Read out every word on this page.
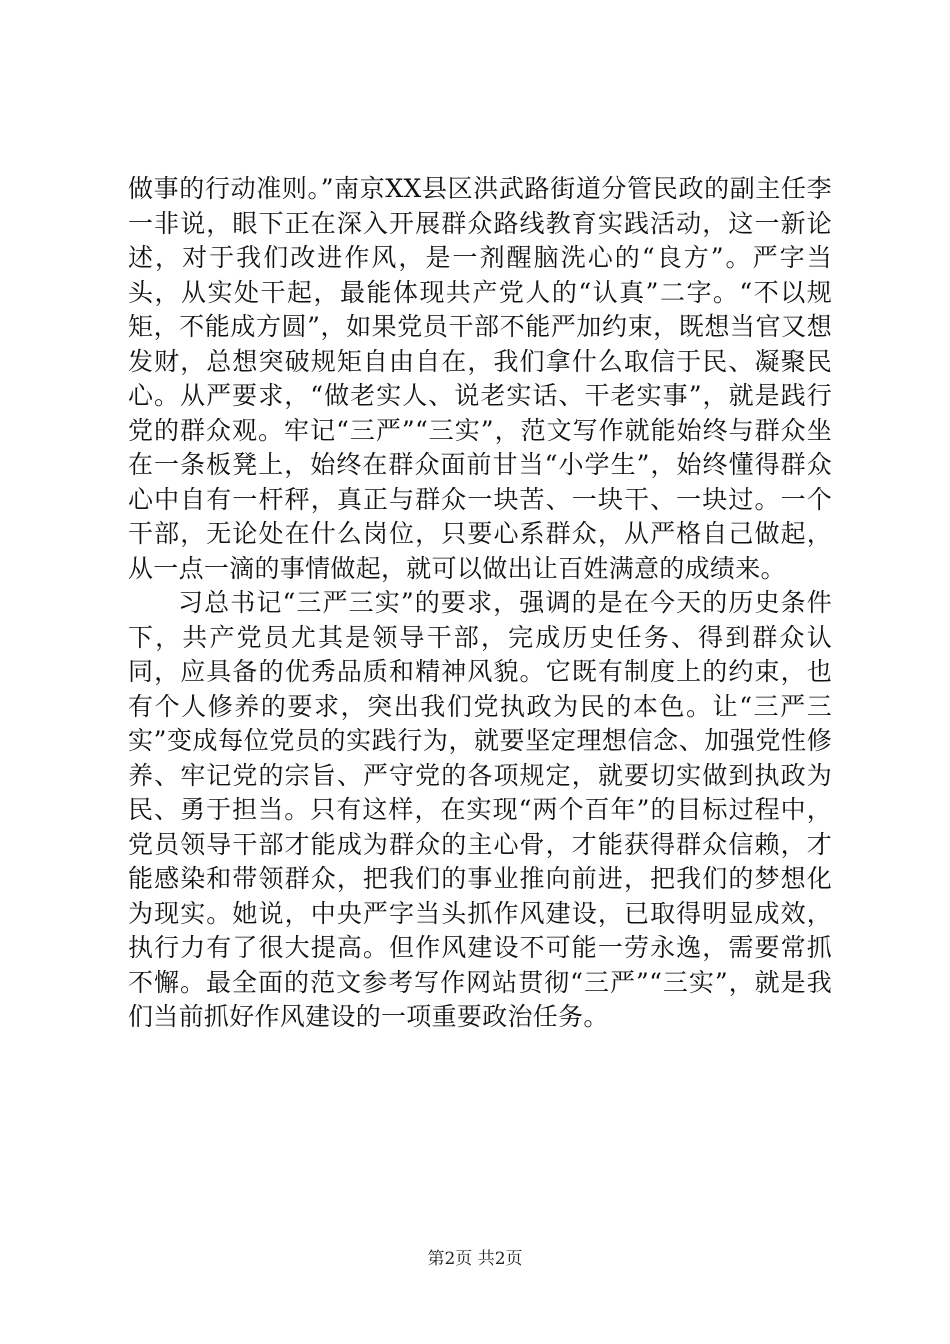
做事的行动准则。”南京XX县区洪武路街道分管民政的副主任李一非说，眼下正在深入开展群众路线教育实践活动，这一新论述，对于我们改进作风，是一剂醒脑洗心的“良方”。严字当头，从实处干起，最能体现共产党人的“认真”二字。“不以规矩，不能成方圆”，如果党员干部不能严加约束，既想当官又想发财，总想突破规矩自由自在，我们拿什么取信于民、凝聚民心。从严要求，“做老实人、说老实话、干老实事”，就是践行党的群众观。牢记“三严”“三实”，范文写作就能始终与群众坐在一条板凳上，始终在群众面前甘当“小学生”，始终懂得群众心中自有一杆秤，真正与群众一块苦、一块干、一块过。一个干部，无论处在什么岗位，只要心系群众，从严格自己做起，从一点一滴的事情做起，就可以做出让百姓满意的成绩来。

习总书记“三严三实”的要求，强调的是在今天的历史条件下，共产党员尤其是领导干部，完成历史任务、得到群众认同，应具备的优秀品质和精神风貌。它既有制度上的约束，也有个人修养的要求，突出我们党执政为民的本色。让“三严三实”变成每位党员的实践行为，就要坚定理想信念、加强党性修养、牢记党的宗旨、严守党的各项规定，就要切实做到执政为民、勇于担当。只有这样，在实现“两个百年”的目标过程中，党员领导干部才能成为群众的主心骨，才能获得群众信赖，才能感染和带领群众，把我们的事业推向前进，把我们的梦想化为现实。她说，中央严字当头抓作风建设，已取得明显成效，执行力有了很大提高。但作风建设不可能一劳永逸，需要常抓不懈。最全面的范文参考写作网站贯彻“三严”“三实”，就是我们当前抓好作风建设的一项重要政治任务。

第2页 共2页
